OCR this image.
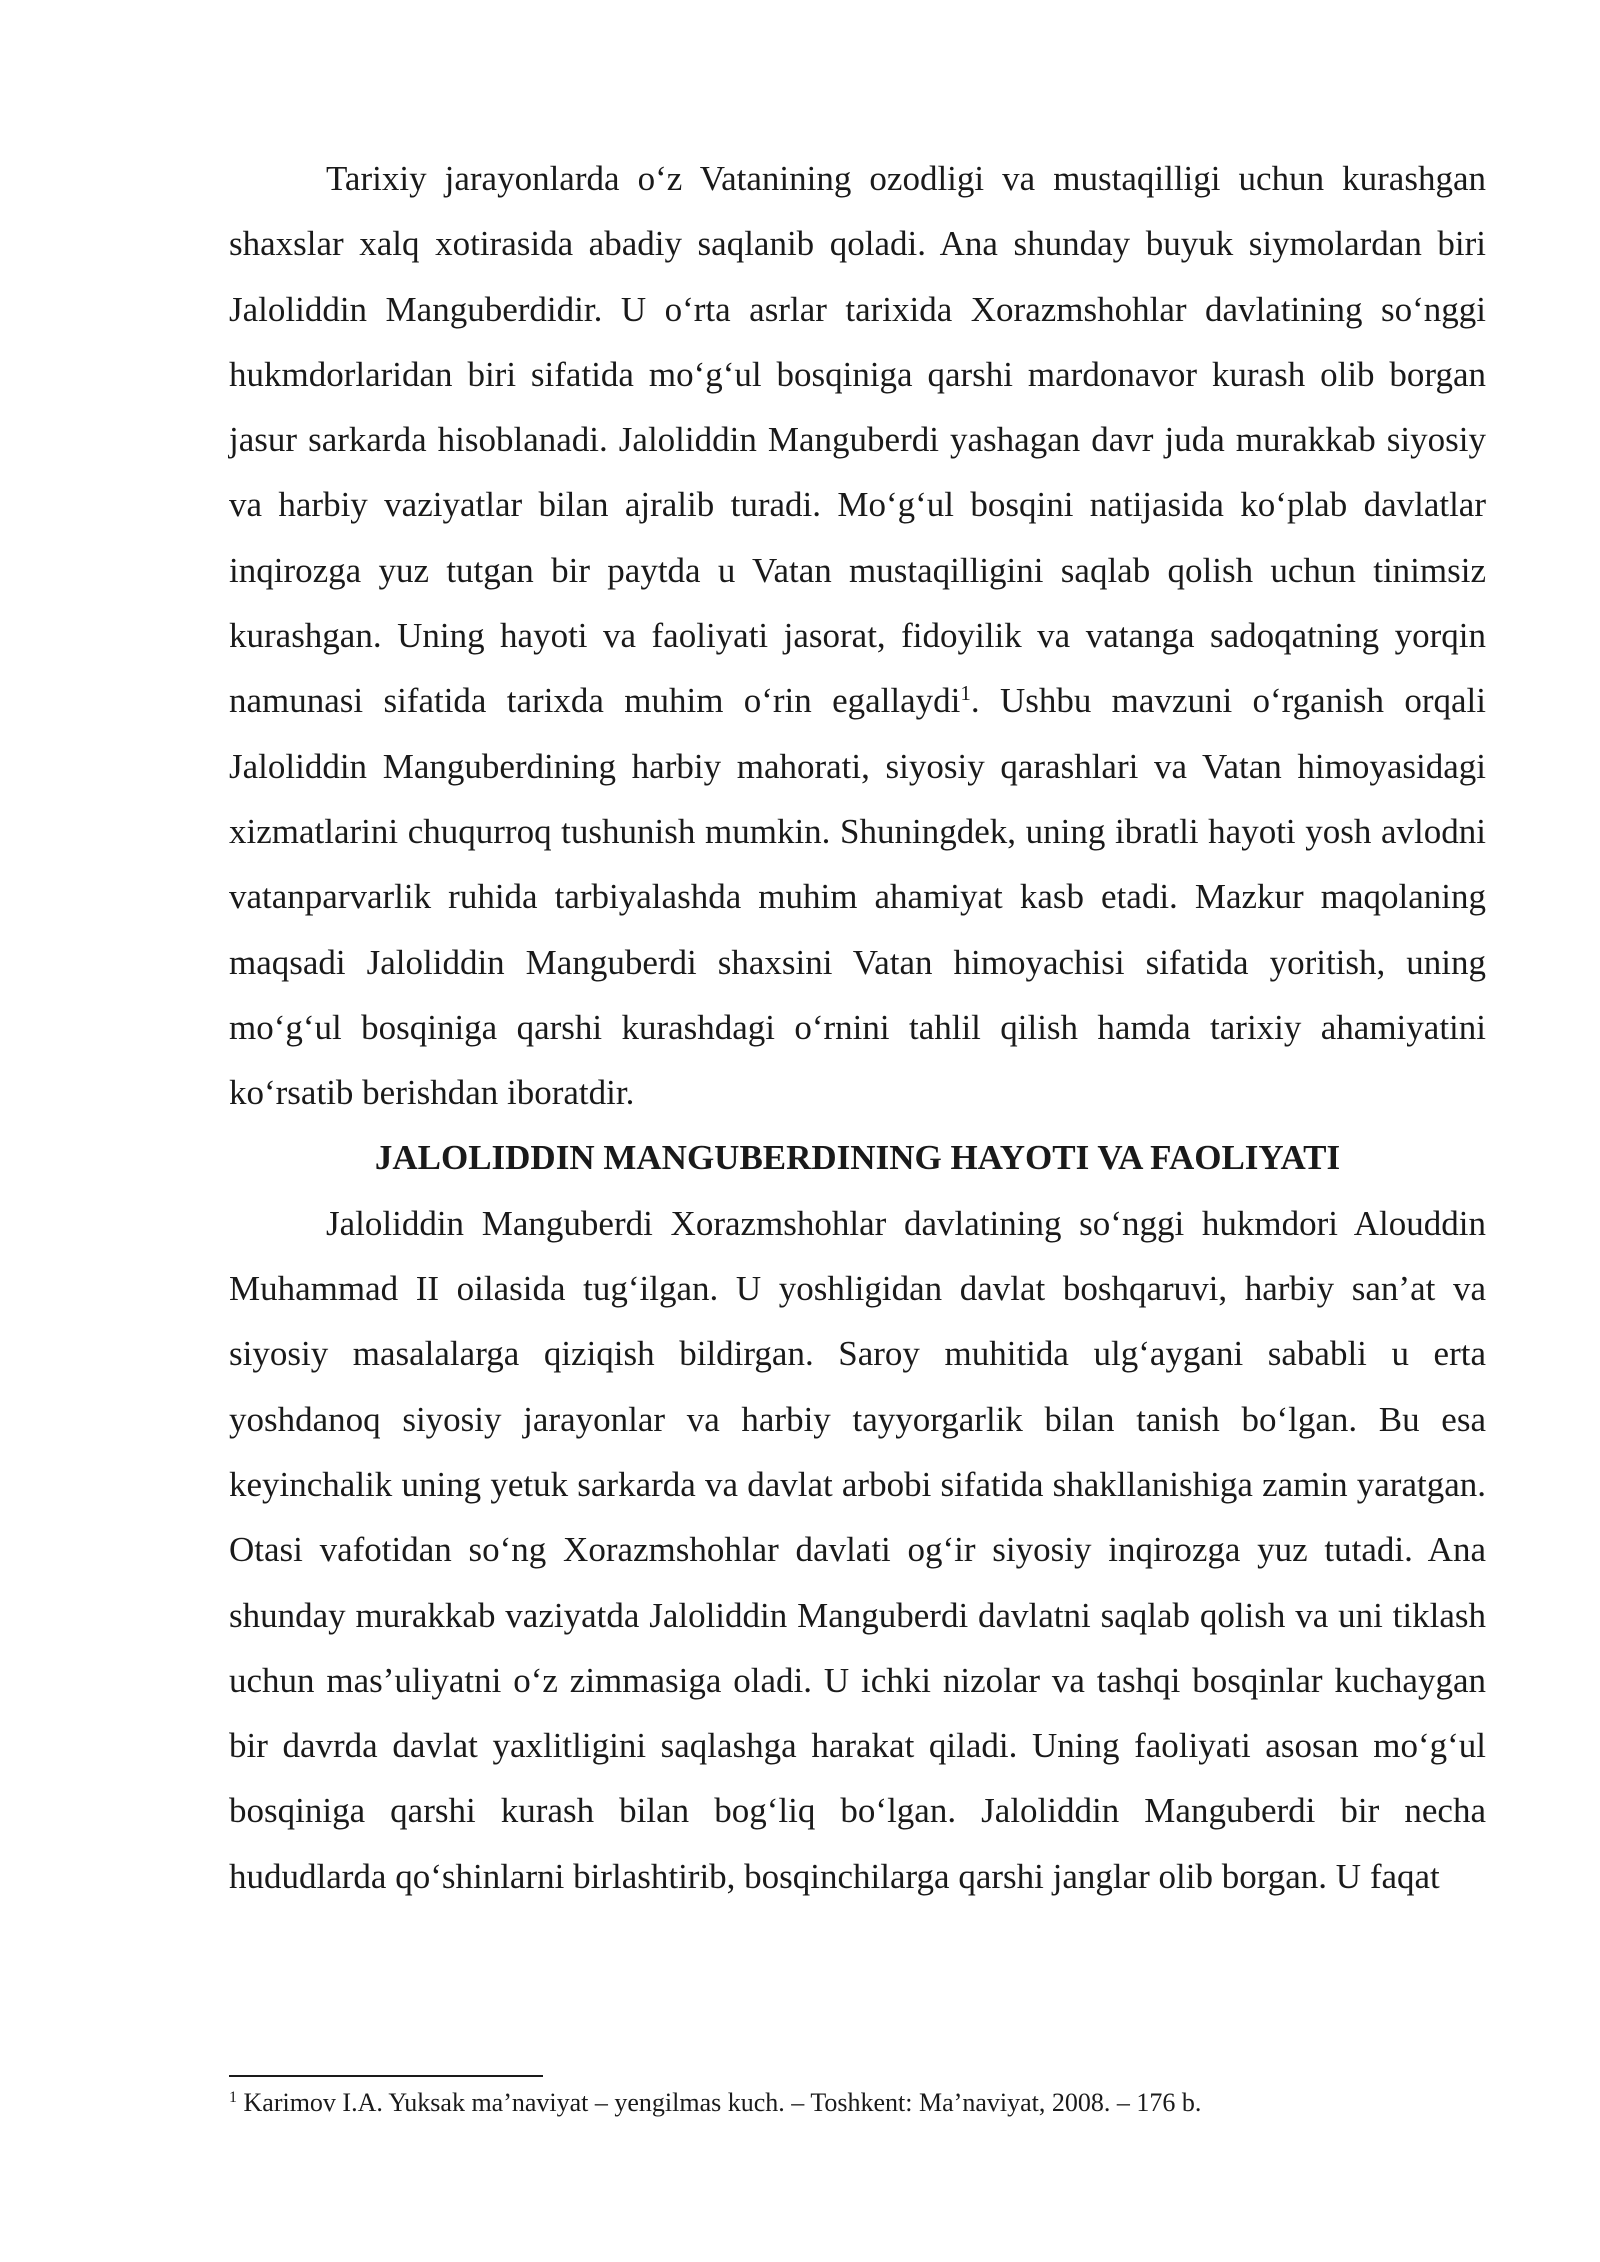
Tarixiy jarayonlarda o‘z Vatanining ozodligi va mustaqilligi uchun kurashgan shaxslar xalq xotirasida abadiy saqlanib qoladi. Ana shunday buyuk siymolardan biri Jaloliddin Manguberdidir. U o‘rta asrlar tarixida Xorazmshohlar davlatining so‘nggi hukmdorlaridan biri sifatida mo‘g‘ul bosqiniga qarshi mardonavor kurash olib borgan jasur sarkarda hisoblanadi. Jaloliddin Manguberdi yashagan davr juda murakkab siyosiy va harbiy vaziyatlar bilan ajralib turadi. Mo‘g‘ul bosqini natijasida ko‘plab davlatlar inqirozga yuz tutgan bir paytda u Vatan mustaqilligini saqlab qolish uchun tinimsiz kurashgan. Uning hayoti va faoliyati jasorat, fidoyilik va vatanga sadoqatning yorqin namunasi sifatida tarixda muhim o‘rin egallaydi$^1$. Ushbu mavzuni o‘rganish orqali Jaloliddin Manguberdining harbiy mahorati, siyosiy qarashlari va Vatan himoyasidagi xizmatlarini chuqurroq tushunish mumkin. Shuningdek, uning ibratli hayoti yosh avlodni vatanparvarlik ruhida tarbiyalashda muhim ahamiyat kasb etadi. Mazkur maqolaning maqsadi Jaloliddin Manguberdi shaxsini Vatan himoyachisi sifatida yoritish, uning mo‘g‘ul bosqiniga qarshi kurashdagi o‘rnini tahlil qilish hamda tarixiy ahamiyatini ko‘rsatib berishdan iboratdir.

JALOLIDDIN MANGUBERDINING HAYOTI VA FAOLIYATI

Jaloliddin Manguberdi Xorazmshohlar davlatining so‘nggi hukmdori Alouddin Muhammad II oilasida tug‘ilgan. U yoshligidan davlat boshqaruvi, harbiy san’at va siyosiy masalalarga qiziqish bildirgan. Saroy muhitida ulg‘aygani sababli u erta yoshdanoq siyosiy jarayonlar va harbiy tayyorgarlik bilan tanish bo‘lgan. Bu esa keyinchalik uning yetuk sarkarda va davlat arbobi sifatida shakllanishiga zamin yaratgan. Otasi vafotidan so‘ng Xorazmshohlar davlati og‘ir siyosiy inqirozga yuz tutadi. Ana shunday murakkab vaziyatda Jaloliddin Manguberdi davlatni saqlab qolish va uni tiklash uchun mas’uliyatni o‘z zimmasiga oladi. U ichki nizolar va tashqi bosqinlar kuchaygan bir davrda davlat yaxlitligini saqlashga harakat qiladi. Uning faoliyati asosan mo‘g‘ul bosqiniga qarshi kurash bilan bog‘liq bo‘lgan. Jaloliddin Manguberdi bir necha hududlarda qo‘shinlarni birlashtirib, bosqinchilarga qarshi janglar olib borgan. U faqat

$^1$ Karimov I.A. Yuksak ma’naviyat – yengilmas kuch. – Toshkent: Ma’naviyat, 2008. – 176 b.
